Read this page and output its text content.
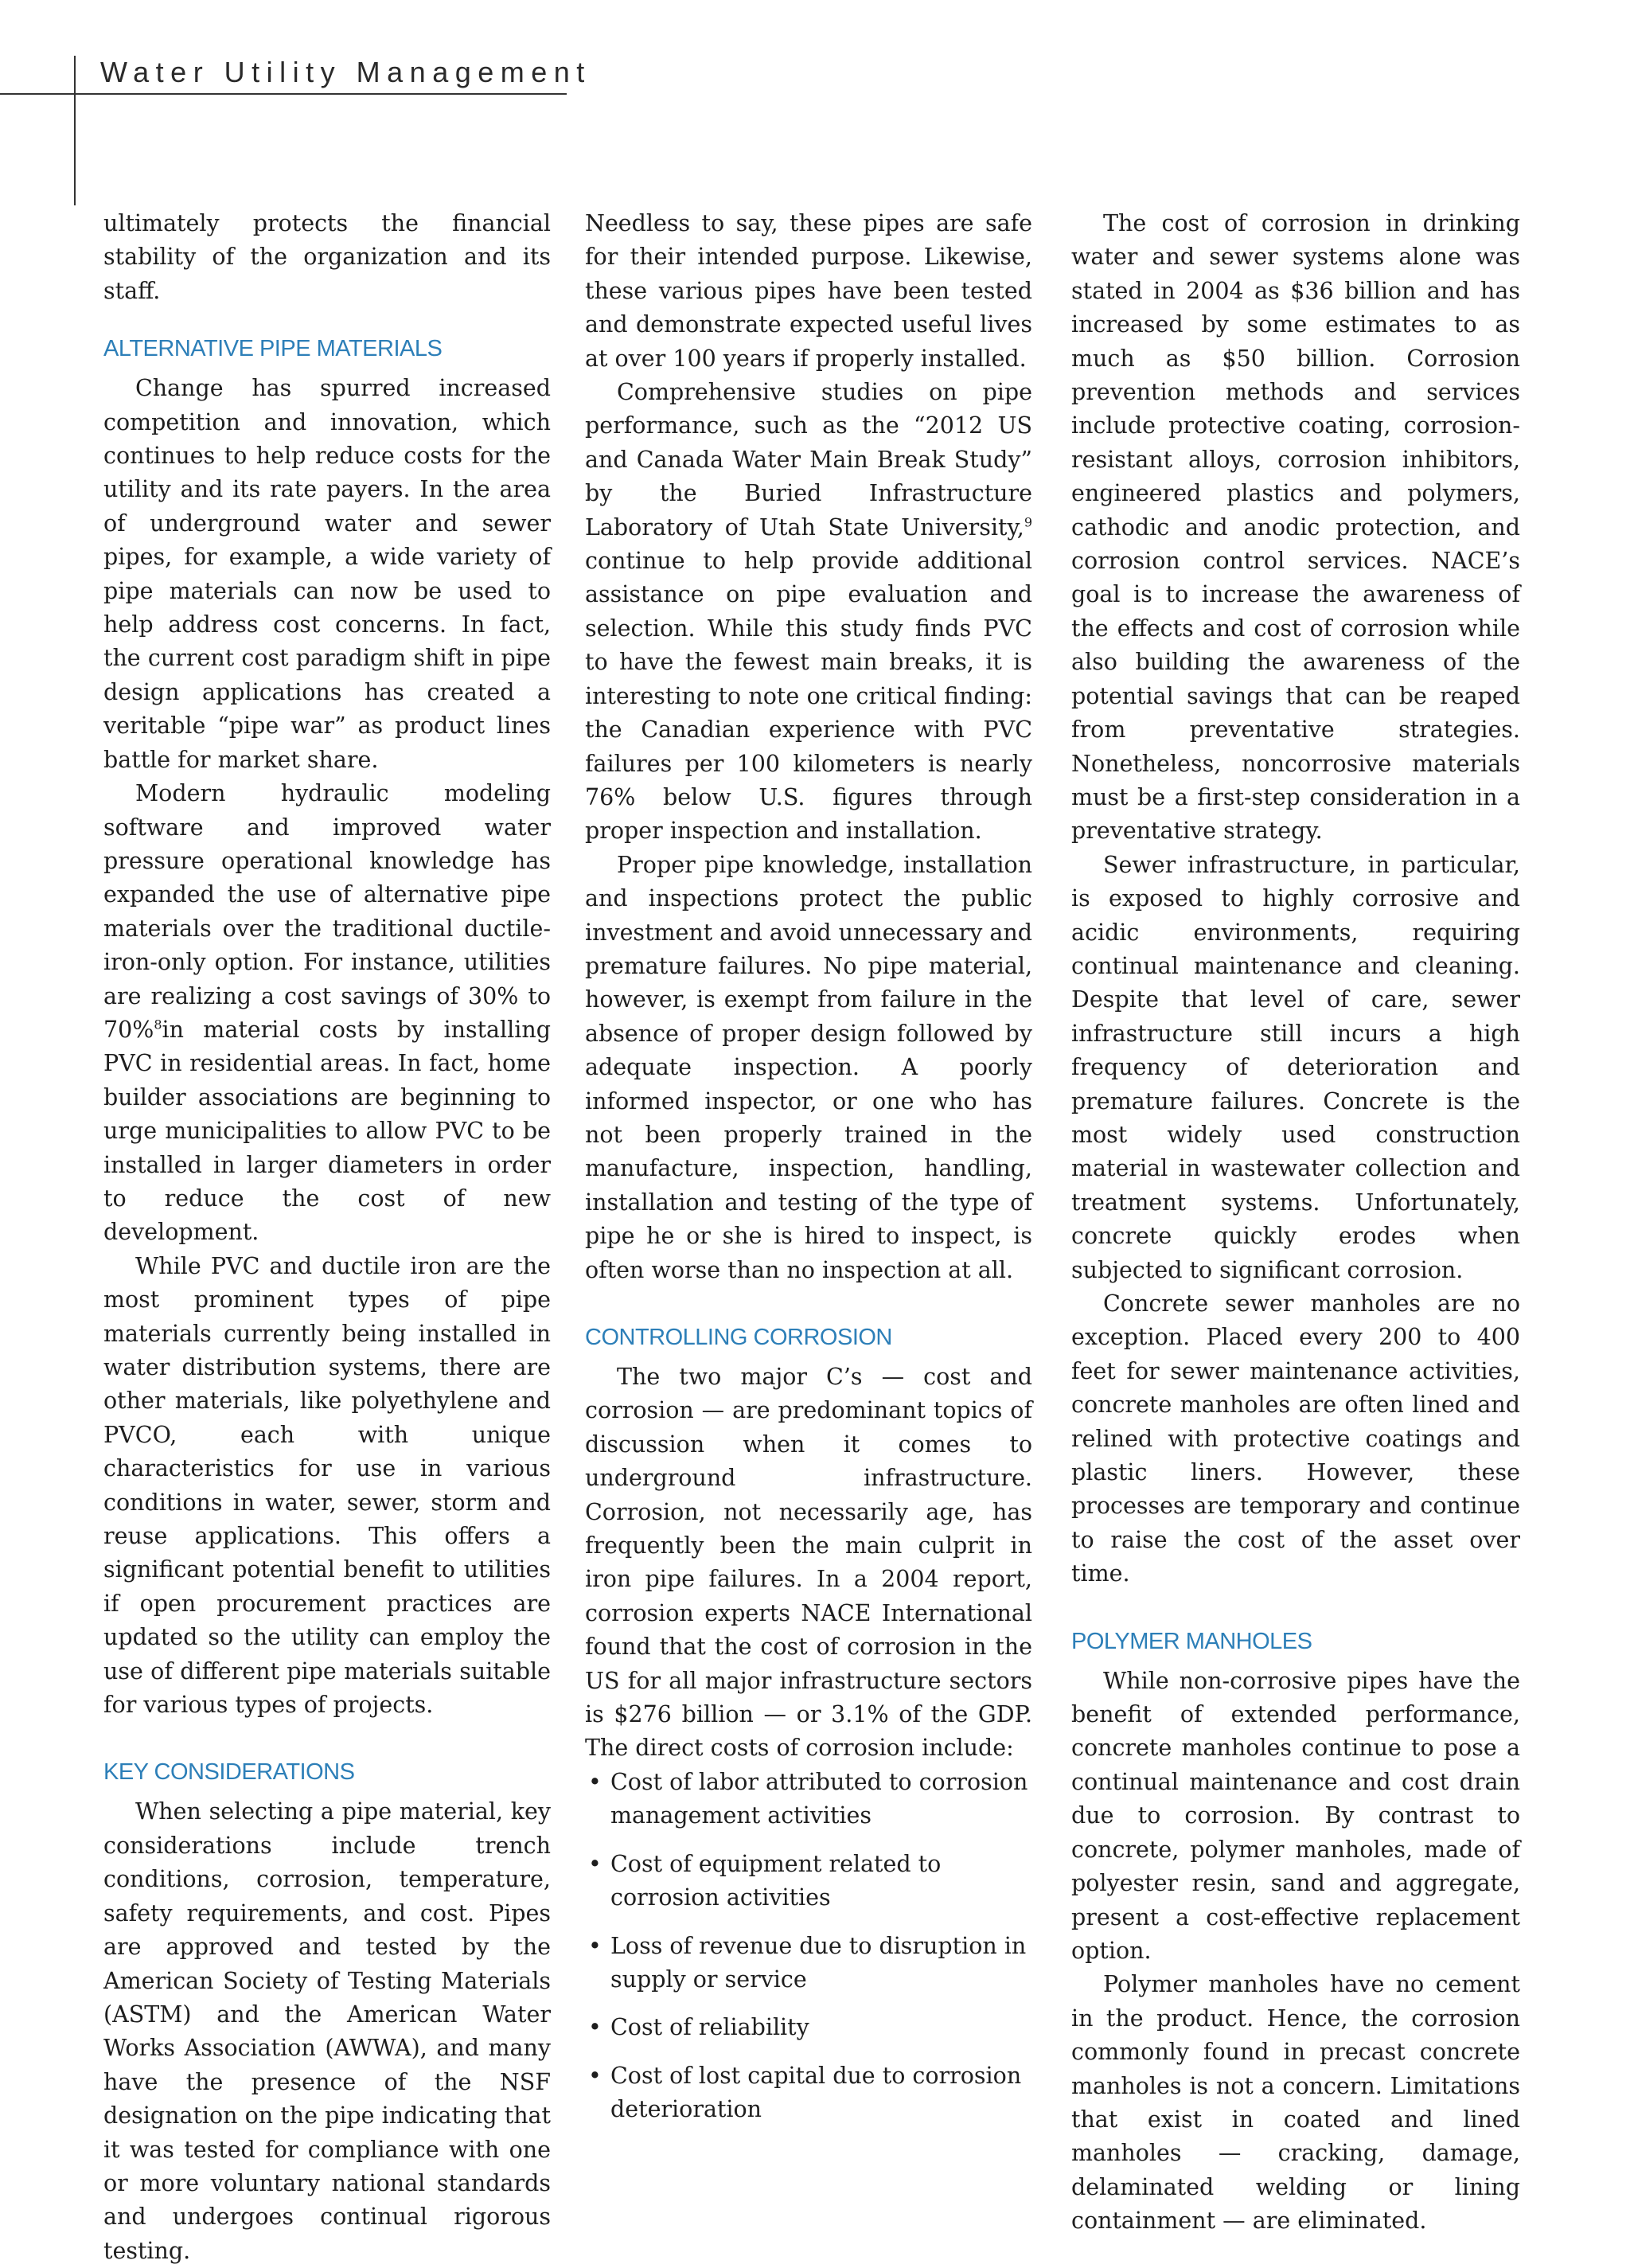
Water Utility Management

ultimately protects the financial stability of the organization and its staff.

ALTERNATIVE PIPE MATERIALS

Change has spurred increased competition and innovation, which continues to help reduce costs for the utility and its rate payers. In the area of underground water and sewer pipes, for example, a wide variety of pipe materials can now be used to help address cost concerns. In fact, the current cost paradigm shift in pipe design applications has created a veritable “pipe war” as product lines battle for market share.

Modern hydraulic modeling software and improved water pressure operational knowledge has expanded the use of alternative pipe materials over the traditional ductile-iron-only option. For instance, utilities are realizing a cost savings of 30% to 70%$^8$in material costs by installing PVC in residential areas. In fact, home builder associations are beginning to urge municipalities to allow PVC to be installed in larger diameters in order to reduce the cost of new development.

While PVC and ductile iron are the most prominent types of pipe materials currently being installed in water distribution systems, there are other materials, like polyethylene and PVCO, each with unique characteristics for use in various conditions in water, sewer, storm and reuse applications. This offers a significant potential benefit to utilities if open procurement practices are updated so the utility can employ the use of different pipe materials suitable for various types of projects.

KEY CONSIDERATIONS

When selecting a pipe material, key considerations include trench conditions, corrosion, temperature, safety requirements, and cost. Pipes are approved and tested by the American Society of Testing Materials (ASTM) and the American Water Works Association (AWWA), and many have the presence of the NSF designation on the pipe indicating that it was tested for compliance with one or more voluntary national standards and undergoes continual rigorous testing.

Needless to say, these pipes are safe for their intended purpose. Likewise, these various pipes have been tested and demonstrate expected useful lives at over 100 years if properly installed.

Comprehensive studies on pipe performance, such as the “2012 US and Canada Water Main Break Study” by the Buried Infrastructure Laboratory of Utah State University,$^9$ continue to help provide additional assistance on pipe evaluation and selection. While this study finds PVC to have the fewest main breaks, it is interesting to note one critical finding: the Canadian experience with PVC failures per 100 kilometers is nearly 76% below U.S. figures through proper inspection and installation.

Proper pipe knowledge, installation and inspections protect the public investment and avoid unnecessary and premature failures. No pipe material, however, is exempt from failure in the absence of proper design followed by adequate inspection. A poorly informed inspector, or one who has not been properly trained in the manufacture, inspection, handling, installation and testing of the type of pipe he or she is hired to inspect, is often worse than no inspection at all.

CONTROLLING CORROSION

The two major C’s — cost and corrosion — are predominant topics of discussion when it comes to underground infrastructure. Corrosion, not necessarily age, has frequently been the main culprit in iron pipe failures. In a 2004 report, corrosion experts NACE International found that the cost of corrosion in the US for all major infrastructure sectors is $276 billion — or 3.1% of the GDP. The direct costs of corrosion include:

• Cost of labor attributed to corrosion management activities
• Cost of equipment related to corrosion activities
• Loss of revenue due to disruption in supply or service
• Cost of reliability
• Cost of lost capital due to corrosion deterioration

The cost of corrosion in drinking water and sewer systems alone was stated in 2004 as $36 billion and has increased by some estimates to as much as $50 billion. Corrosion prevention methods and services include protective coating, corrosion-resistant alloys, corrosion inhibitors, engineered plastics and polymers, cathodic and anodic protection, and corrosion control services. NACE’s goal is to increase the awareness of the effects and cost of corrosion while also building the awareness of the potential savings that can be reaped from preventative strategies. Nonetheless, noncorrosive materials must be a first-step consideration in a preventative strategy.

Sewer infrastructure, in particular, is exposed to highly corrosive and acidic environments, requiring continual maintenance and cleaning. Despite that level of care, sewer infrastructure still incurs a high frequency of deterioration and premature failures. Concrete is the most widely used construction material in wastewater collection and treatment systems. Unfortunately, concrete quickly erodes when subjected to significant corrosion.

Concrete sewer manholes are no exception. Placed every 200 to 400 feet for sewer maintenance activities, concrete manholes are often lined and relined with protective coatings and plastic liners. However, these processes are temporary and continue to raise the cost of the asset over time.

POLYMER MANHOLES

While non-corrosive pipes have the benefit of extended performance, concrete manholes continue to pose a continual maintenance and cost drain due to corrosion. By contrast to concrete, polymer manholes, made of polyester resin, sand and aggregate, present a cost-effective replacement option.

Polymer manholes have no cement in the product. Hence, the corrosion commonly found in precast concrete manholes is not a concern. Limitations that exist in coated and lined manholes — cracking, damage, delaminated welding or lining containment — are eliminated.
